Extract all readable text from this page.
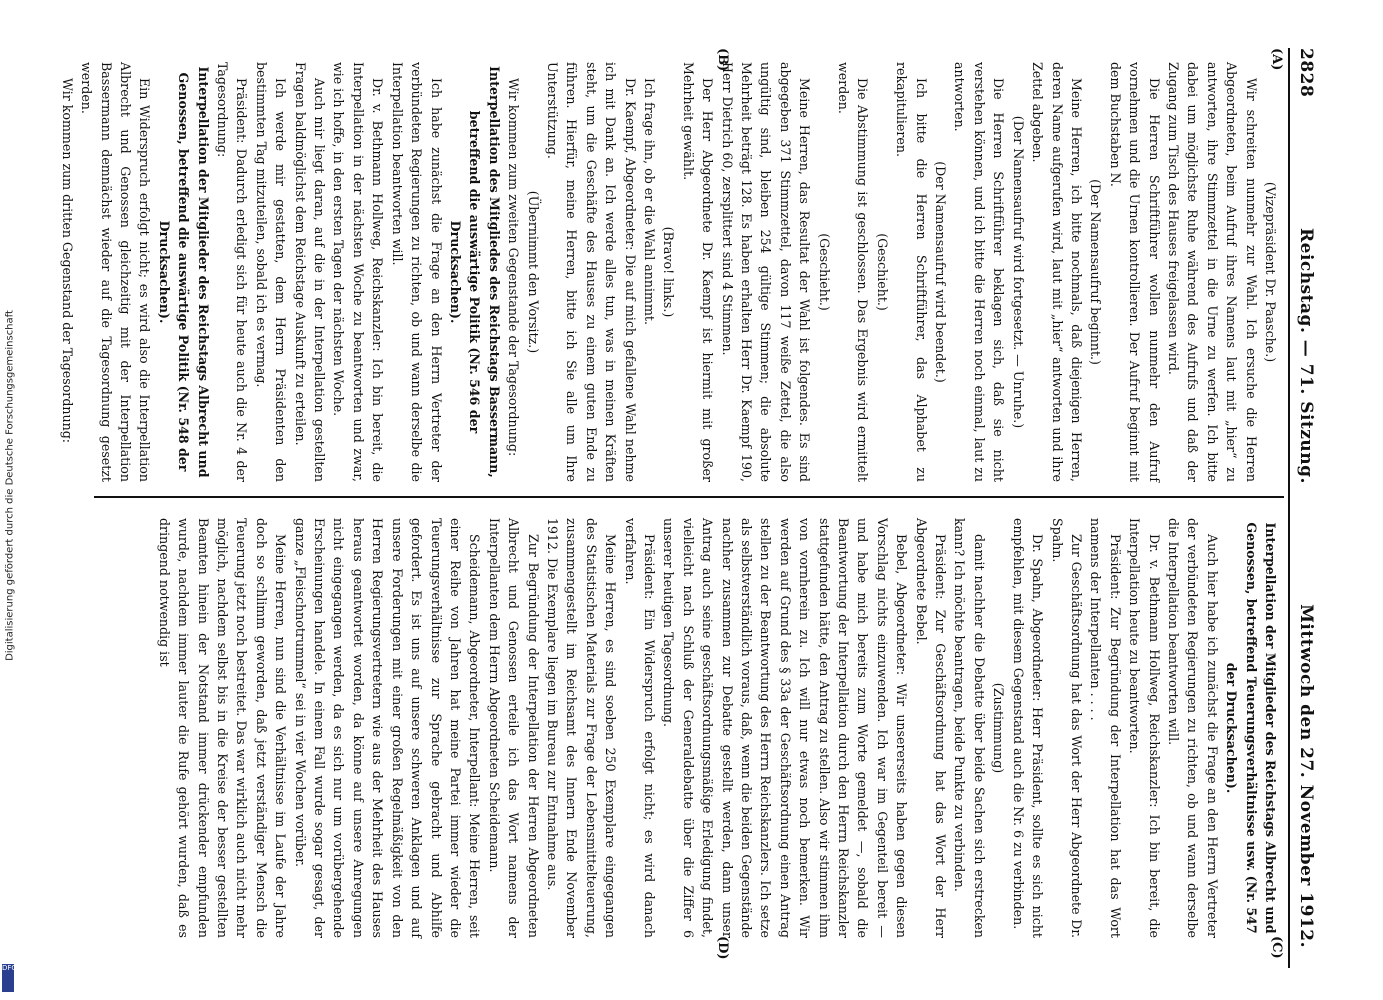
Digitalisierung gefördert durch die Deutsche Forschungsgemeinschaft
DFG
2828
Reichstag. — 71. Sitzung.
Mittwoch den 27. November 1912.
(A)
(B)
(C)
(D)

(Vizepräsident Dr. Paasche.)

Wir schreiten nunmehr zur Wahl. Ich ersuche die Herren Abgeordneten, beim Aufruf ihres Namens laut mit „hier“ zu antworten, ihre Stimmzettel in die Urne zu werfen. Ich bitte dabei um möglichste Ruhe während des Aufrufs und daß der Zugang zum Tisch des Hauses freigelassen wird.

Die Herren Schriftführer wollen nunmehr den Aufruf vornehmen und die Urnen kontrollieren. Der Aufruf beginnt mit dem Buchstaben N.

(Der Namensaufruf beginnt.)

Meine Herren, ich bitte nochmals, daß diejenigen Herren, deren Name aufgerufen wird, laut mit „hier“ antworten und ihre Zettel abgeben.

(Der Namensaufruf wird fortgesetzt. — Unruhe.)

Die Herren Schriftführer beklagen sich, daß sie nicht verstehen können, und ich bitte die Herren noch einmal, laut zu antworten.

(Der Namensaufruf wird beendet.)

Ich bitte die Herren Schriftführer, das Alphabet zu rekapitulieren.

(Geschieht.)

Die Abstimmung ist geschlossen. Das Ergebnis wird ermittelt werden.

(Geschieht.)

Meine Herren, das Resultat der Wahl ist folgendes. Es sind abgegeben 371 Stimmzettel, davon 117 weiße Zettel, die also ungültig sind, bleiben 254 gültige Stimmen; die absolute Mehrheit beträgt 128. Es haben erhalten Herr Dr. Kaempf 190, Herr Dietrich 60, zersplittert sind 4 Stimmen.

Der Herr Abgeordnete Dr. Kaempf ist hiermit mit großer Mehrheit gewählt.

(Bravo! links.)

Ich frage ihn, ob er die Wahl annimmt.

Dr. Kaempf, Abgeordneter: Die auf mich gefallene Wahl nehme ich mit Dank an. Ich werde alles tun, was in meinen Kräften steht, um die Geschäfte des Hauses zu einem guten Ende zu führen. Hierfür, meine Herren, bitte ich Sie alle um Ihre Unterstützung.

(Übernimmt den Vorsitz.)

Wir kommen zum zweiten Gegenstande der Tagesordnung:

Interpellation des Mitgliedes des Reichstags Bassermann, betreffend die auswärtige Politik (Nr. 546 der Drucksachen).

Ich habe zunächst die Frage an den Herrn Vertreter der verbündeten Regierungen zu richten, ob und wann derselbe die Interpellation beantworten will.

Dr. v. Bethmann Hollweg, Reichskanzler: Ich bin bereit, die Interpellation in der nächsten Woche zu beantworten und zwar, wie ich hoffe, in den ersten Tagen der nächsten Woche.

Auch mir liegt daran, auf die in der Interpellation gestellten Fragen baldmöglichst dem Reichstage Auskunft zu erteilen.

Ich werde mir gestatten, dem Herrn Präsidenten den bestimmten Tag mitzuteilen, sobald ich es vermag.

Präsident: Dadurch erledigt sich für heute auch die Nr. 4 der Tagesordnung:

Interpellation der Mitglieder des Reichstags Albrecht und Genossen, betreffend die auswärtige Politik (Nr. 548 der Drucksachen).

Ein Widerspruch erfolgt nicht; es wird also die Interpellation Albrecht und Genossen gleichzeitig mit der Interpellation Bassermann demnächst wieder auf die Tagesordnung gesetzt werden.

Wir kommen zum dritten Gegenstand der Tagesordnung:

Interpellation der Mitglieder des Reichstags Albrecht und Genossen, betreffend Teuerungsverhältnisse usw. (Nr. 547 der Drucksachen).

Auch hier habe ich zunächst die Frage an den Herrn Vertreter der verbündeten Regierungen zu richten, ob und wann derselbe die Interpellation beantworten will.

Dr. v. Bethmann Hollweg, Reichskanzler: Ich bin bereit, die Interpellation heute zu beantworten.

Präsident: Zur Begründung der Interpellation hat das Wort namens der Interpellanten . . . .

Zur Geschäftsordnung hat das Wort der Herr Abgeordnete Dr. Spahn.

Dr. Spahn, Abgeordneter: Herr Präsident, sollte es sich nicht empfehlen, mit diesem Gegenstand auch die Nr. 6 zu verbinden.

(Zustimmung)

damit nachher die Debatte über beide Sachen sich erstrecken kann? Ich möchte beantragen, beide Punkte zu verbinden.

Präsident: Zur Geschäftsordnung hat das Wort der Herr Abgeordnete Bebel.

Bebel, Abgeordneter: Wir unsererseits haben gegen diesen Vorschlag nichts einzuwenden. Ich war im Gegenteil bereit — und habe mich bereits zum Worte gemeldet —, sobald die Beantwortung der Interpellation durch den Herrn Reichskanzler stattgefunden hätte, den Antrag zu stellen. Also wir stimmen ihm von vornherein zu. Ich will nur etwas noch bemerken. Wir werden auf Grund des § 33a der Geschäftsordnung einen Antrag stellen zu der Beantwortung des Herrn Reichskanzlers. Ich setze als selbstverständlich voraus, daß, wenn die beiden Gegenstände nachher zusammen zur Debatte gestellt werden, dann unser Antrag auch seine geschäftsordnungsmäßige Erledigung findet, vielleicht nach Schluß der Generaldebatte über die Ziffer 6 unserer heutigen Tagesordnung.

Präsident: Ein Widerspruch erfolgt nicht; es wird danach verfahren.

Meine Herren, es sind soeben 250 Exemplare eingegangen des Statistischen Materials zur Frage der Lebensmittelteuerung, zusammengestellt im Reichsamt des Innern Ende November 1912. Die Exemplare liegen im Bureau zur Entnahme aus.

Zur Begründung der Interpellation der Herren Abgeordneten Albrecht und Genossen erteile ich das Wort namens der Interpellanten dem Herrn Abgeordneten Scheidemann.

Scheidemann, Abgeordneter, Interpellant: Meine Herren, seit einer Reihe von Jahren hat meine Partei immer wieder die Teuerungsverhältnisse zur Sprache gebracht und Abhilfe gefordert. Es ist uns auf unsere schweren Anklagen und auf unsere Forderungen mit einer großen Regelmäßigkeit von den Herren Regierungsvertretern wie aus der Mehrheit des Hauses heraus geantwortet worden, da könne auf unsere Anregungen nicht eingegangen werden, da es sich nur um vorübergehende Erscheinungen handele. In einem Fall wurde sogar gesagt, der ganze „Fleischnotrummel“ sei in vier Wochen vorüber.

Meine Herren, nun sind die Verhältnisse im Laufe der Jahre doch so schlimm geworden, daß jetzt verständiger Mensch die Teuerung jetzt noch bestreitet. Das war wirklich auch nicht mehr möglich, nachdem selbst bis in die Kreise der besser gestellten Beamten hinein der Notstand immer drückender empfunden wurde, nachdem immer lauter die Rufe gehört wurden, daß es dringend notwendig ist
